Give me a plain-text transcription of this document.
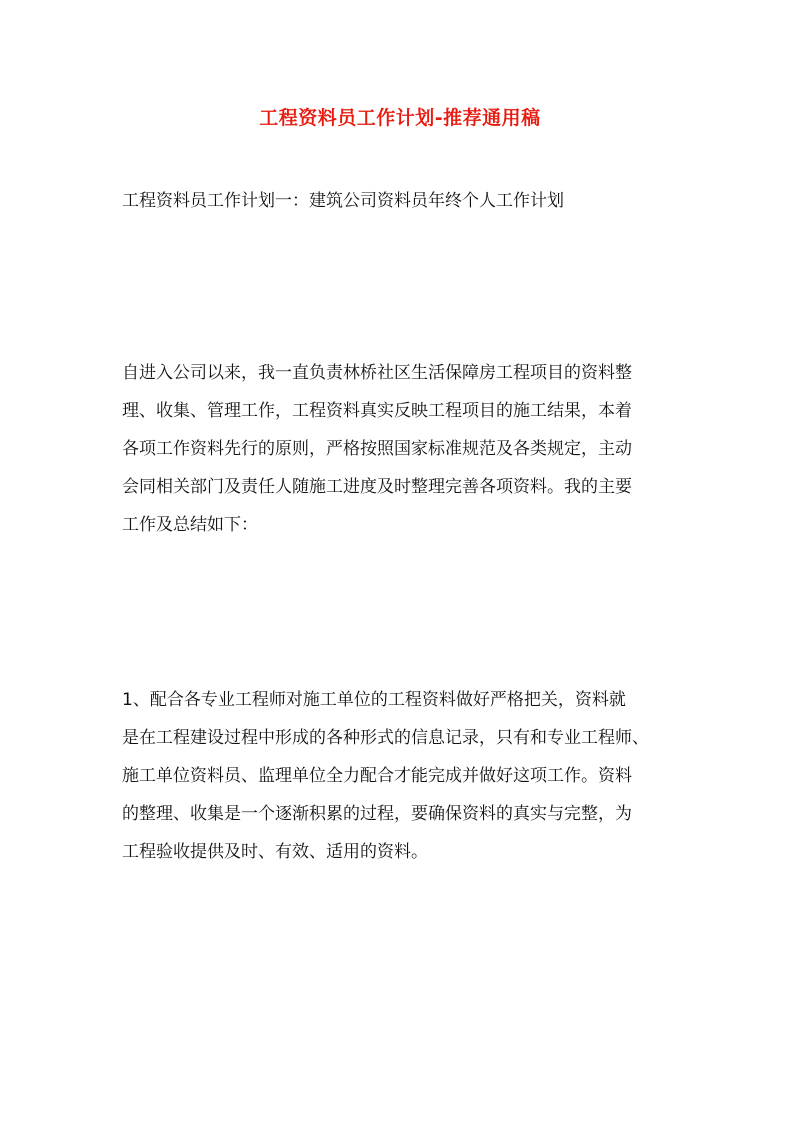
工程资料员工作计划-推荐通用稿
工程资料员工作计划一：建筑公司资料员年终个人工作计划
自进入公司以来，我一直负责林桥社区生活保障房工程项目的资料整
理、收集、管理工作，工程资料真实反映工程项目的施工结果，本着
各项工作资料先行的原则，严格按照国家标准规范及各类规定，主动
会同相关部门及责任人随施工进度及时整理完善各项资料。我的主要
工作及总结如下：
1、配合各专业工程师对施工单位的工程资料做好严格把关，资料就
是在工程建设过程中形成的各种形式的信息记录，只有和专业工程师、
施工单位资料员、监理单位全力配合才能完成并做好这项工作。资料
的整理、收集是一个逐渐积累的过程，要确保资料的真实与完整，为
工程验收提供及时、有效、适用的资料。
